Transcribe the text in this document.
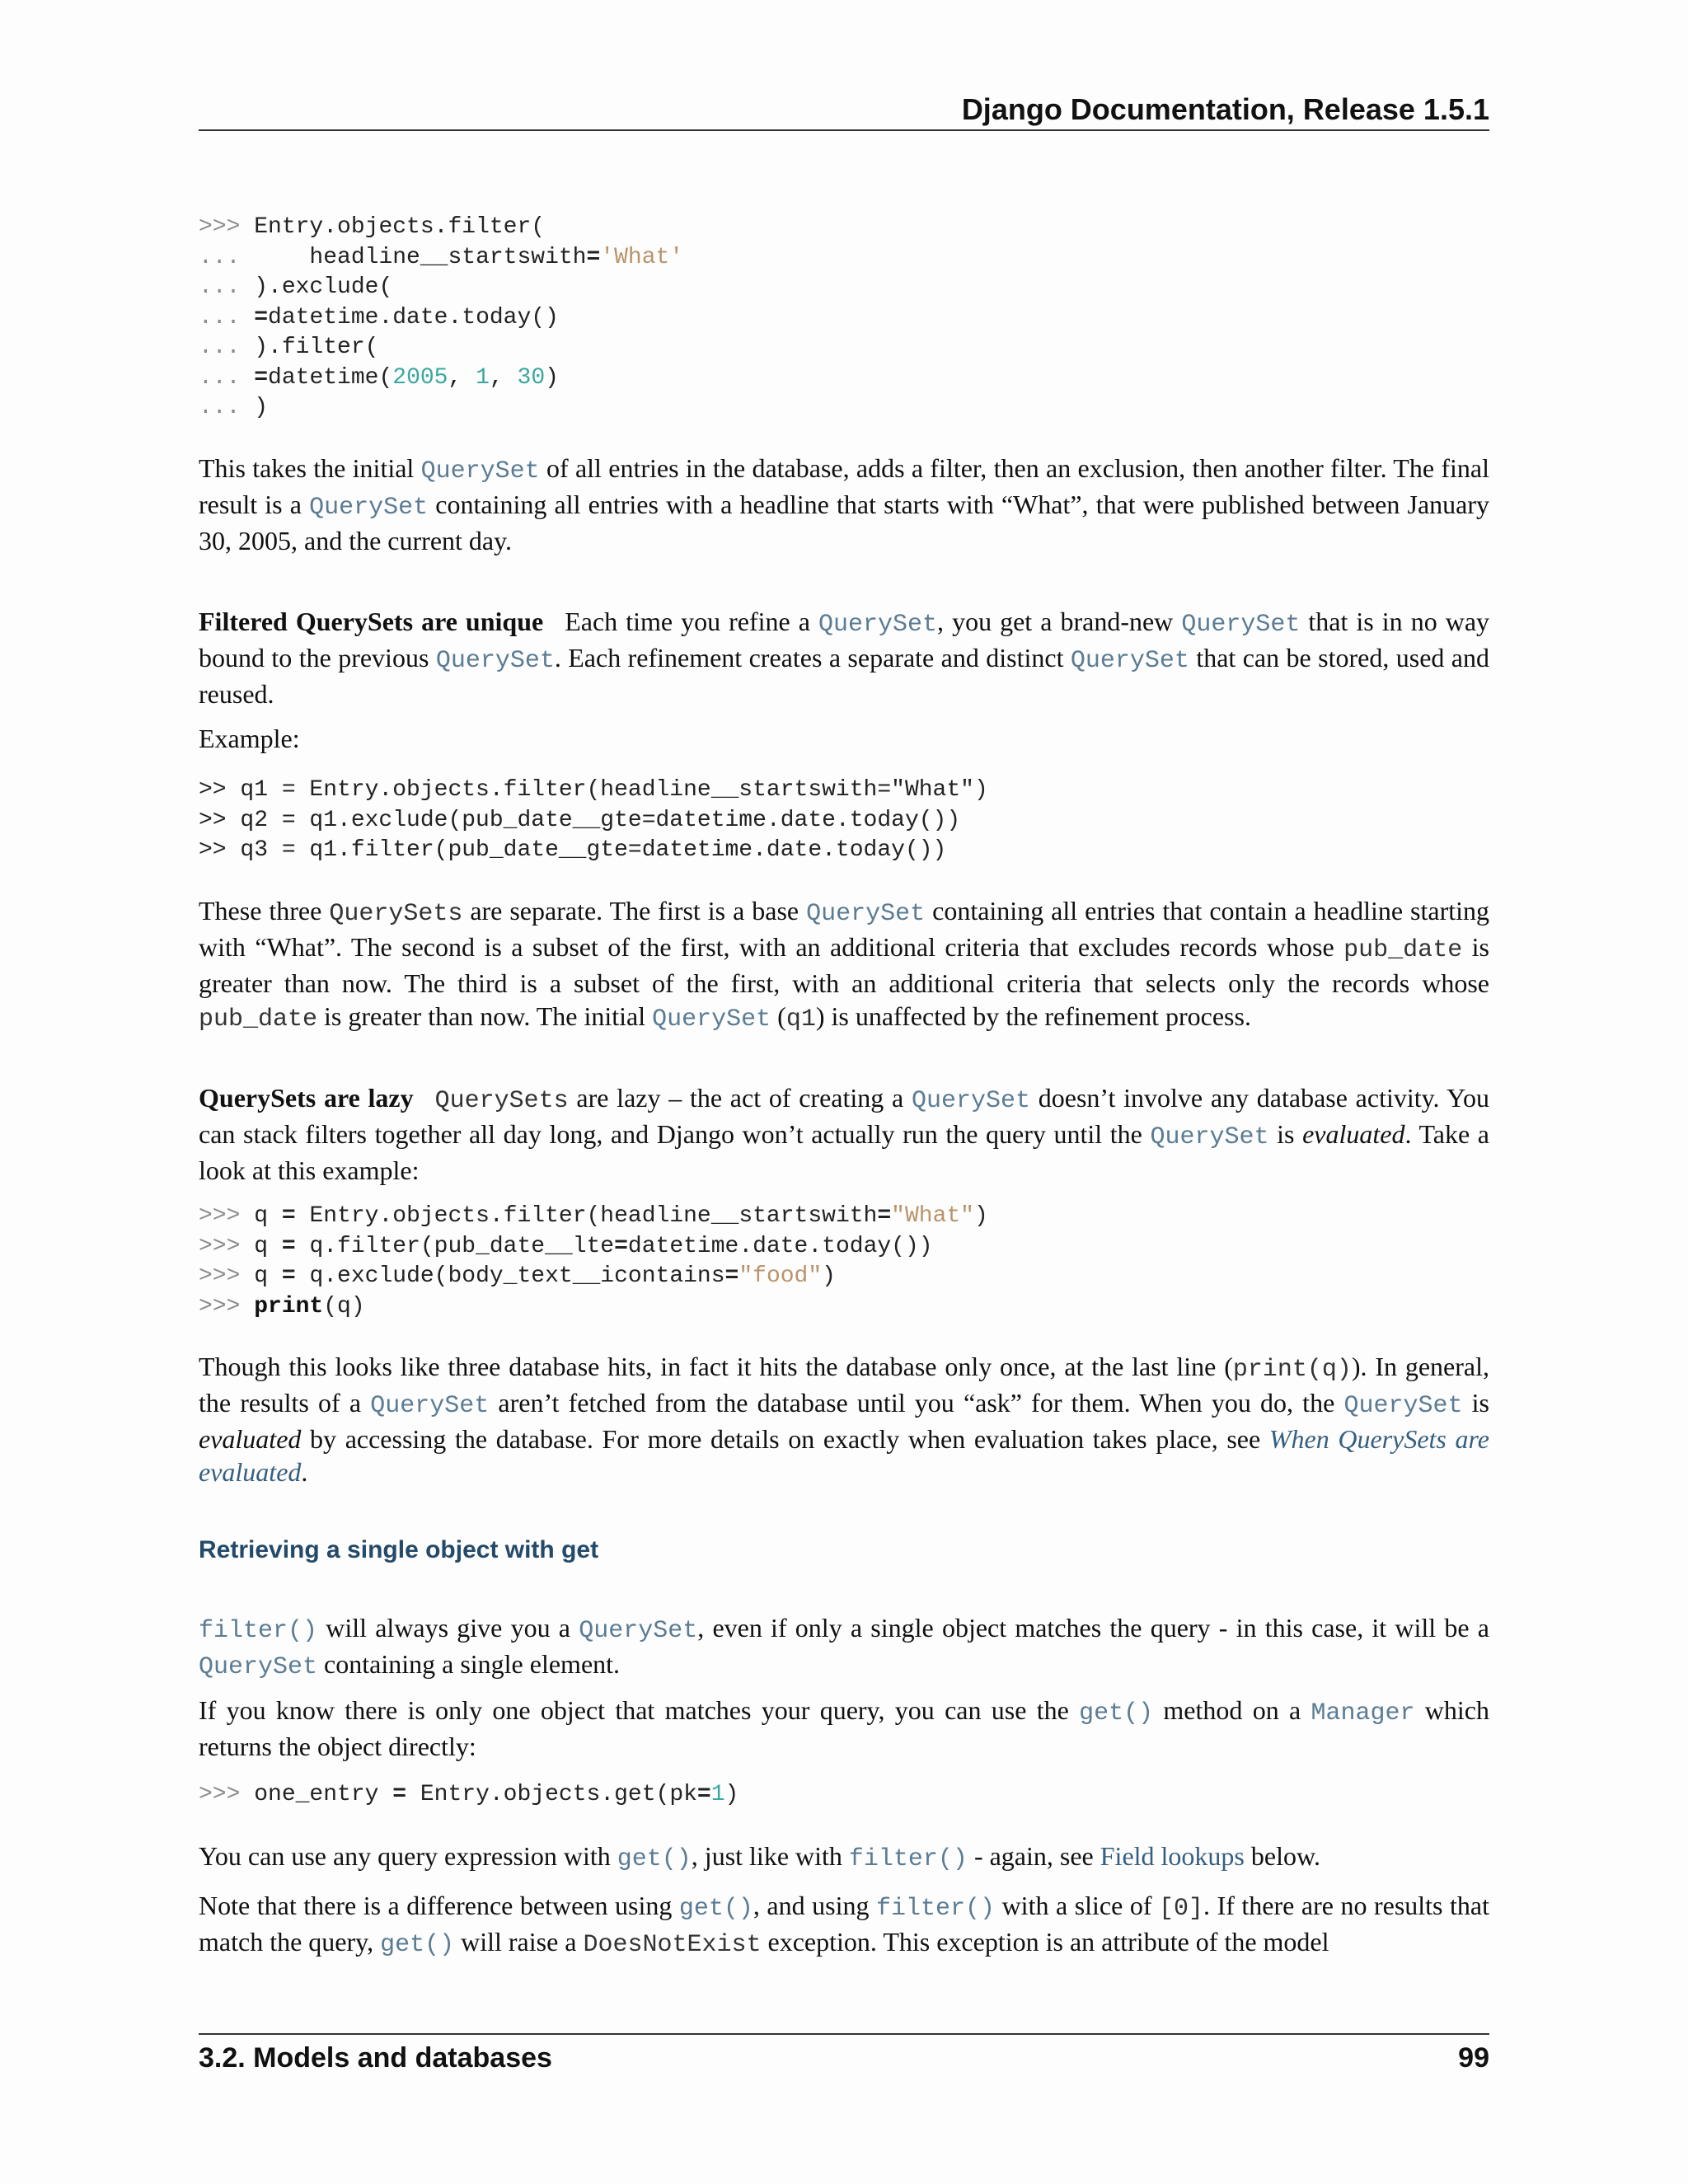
Django Documentation, Release 1.5.1
>>> Entry.objects.filter(
...     headline__startswith='What'
... ).exclude(
... =datetime.date.today()
... ).filter(
... =datetime(2005, 1, 30)
... )

This takes the initial QuerySet of all entries in the database, adds a filter, then an exclusion, then another filter. The final result is a QuerySet containing all entries with a headline that starts with “What”, that were published between January 30, 2005, and the current day.

Filtered QuerySets are unique Each time you refine a QuerySet, you get a brand-new QuerySet that is in no way bound to the previous QuerySet. Each refinement creates a separate and distinct QuerySet that can be stored, used and reused.

Example:

>> q1 = Entry.objects.filter(headline__startswith="What")
>> q2 = q1.exclude(pub_date__gte=datetime.date.today())
>> q3 = q1.filter(pub_date__gte=datetime.date.today())

These three QuerySets are separate. The first is a base QuerySet containing all entries that contain a headline starting with “What”. The second is a subset of the first, with an additional criteria that excludes records whose pub_date is greater than now. The third is a subset of the first, with an additional criteria that selects only the records whose pub_date is greater than now. The initial QuerySet (q1) is unaffected by the refinement process.

QuerySets are lazy QuerySets are lazy – the act of creating a QuerySet doesn’t involve any database activity. You can stack filters together all day long, and Django won’t actually run the query until the QuerySet is evaluated. Take a look at this example:

>>> q = Entry.objects.filter(headline__startswith="What")
>>> q = q.filter(pub_date__lte=datetime.date.today())
>>> q = q.exclude(body_text__icontains="food")
>>> print(q)

Though this looks like three database hits, in fact it hits the database only once, at the last line (print(q)). In general, the results of a QuerySet aren’t fetched from the database until you “ask” for them. When you do, the QuerySet is evaluated by accessing the database. For more details on exactly when evaluation takes place, see When QuerySets are evaluated.

Retrieving a single object with get

filter() will always give you a QuerySet, even if only a single object matches the query - in this case, it will be a QuerySet containing a single element.

If you know there is only one object that matches your query, you can use the get() method on a Manager which returns the object directly:

>>> one_entry = Entry.objects.get(pk=1)

You can use any query expression with get(), just like with filter() - again, see Field lookups below.

Note that there is a difference between using get(), and using filter() with a slice of [0]. If there are no results that match the query, get() will raise a DoesNotExist exception. This exception is an attribute of the model

3.2. Models and databases	99
